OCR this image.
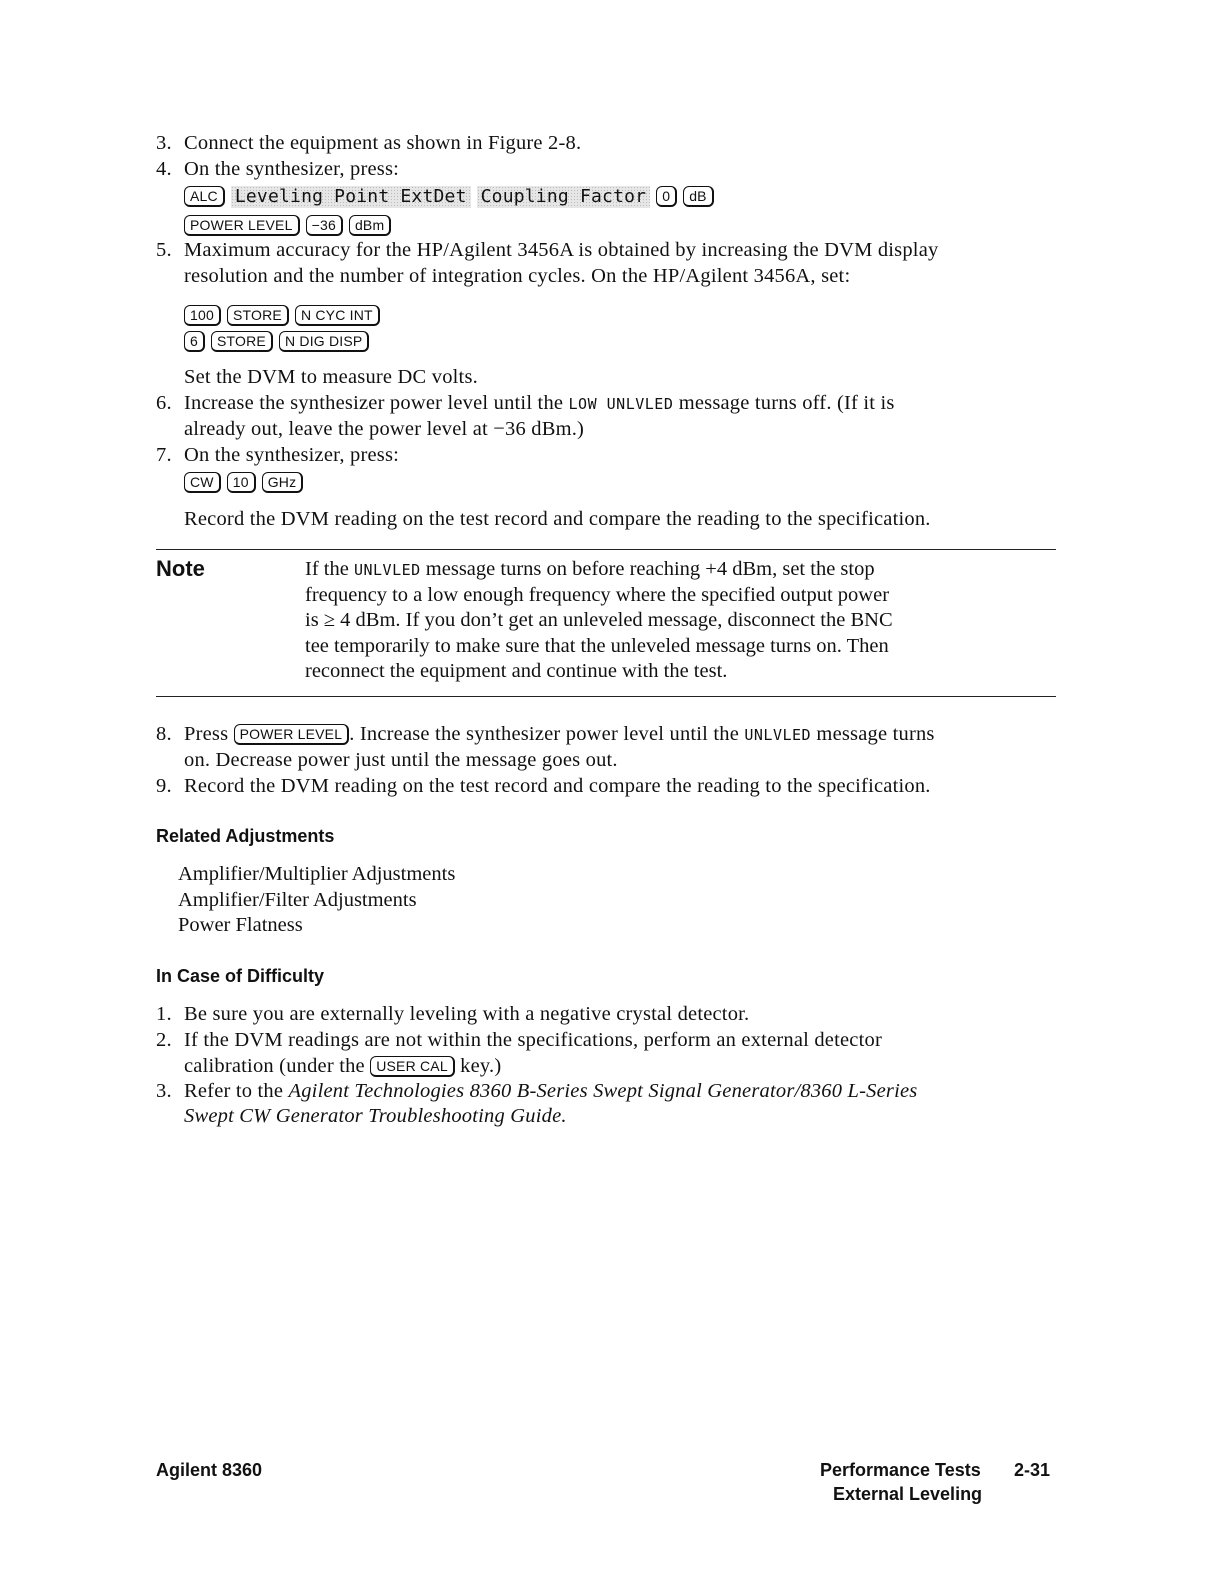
3. Connect the equipment as shown in Figure 2-8.
4. On the synthesizer, press:
ALC Leveling Point ExtDet Coupling Factor 0 dB
POWER LEVEL −36 dBm
5. Maximum accuracy for the HP/Agilent 3456A is obtained by increasing the DVM display
resolution and the number of integration cycles. On the HP/Agilent 3456A, set:
100 STORE N CYC INT
6 STORE N DIG DISP
Set the DVM to measure DC volts.
6. Increase the synthesizer power level until the LOW UNLVLED message turns off. (If it is
already out, leave the power level at −36 dBm.)
7. On the synthesizer, press:
CW 10 GHz
Record the DVM reading on the test record and compare the reading to the specification.
Note	If the UNLVLED message turns on before reaching +4 dBm, set the stop
frequency to a low enough frequency where the specified output power
is ≥ 4 dBm. If you don’t get an unleveled message, disconnect the BNC
tee temporarily to make sure that the unleveled message turns on. Then
reconnect the equipment and continue with the test.
8. Press POWER LEVEL . Increase the synthesizer power level until the UNLVLED message turns
on. Decrease power just until the message goes out.
9. Record the DVM reading on the test record and compare the reading to the specification.
Related Adjustments
Amplifier/Multiplier Adjustments
Amplifier/Filter Adjustments
Power Flatness
In Case of Difficulty
1. Be sure you are externally leveling with a negative crystal detector.
2. If the DVM readings are not within the specifications, perform an external detector
calibration (under the USER CAL key.)
3. Refer to the Agilent Technologies 8360 B-Series Swept Signal Generator/8360 L-Series
Swept CW Generator Troubleshooting Guide.
Agilent 8360	Performance Tests 2-31
External Leveling
